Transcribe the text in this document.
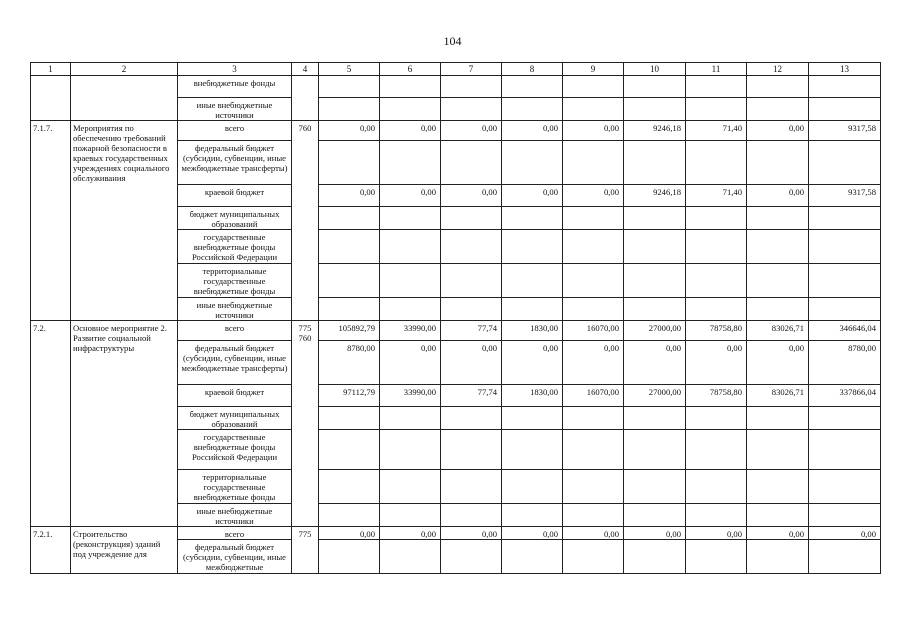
104
1	2	3	4	5	6	7	8	9	10	11	12	13
		внебюджетные фонды										
		иные внебюджетные источники										
7.1.7.	Мероприятия по обеспечению требований пожарной безопасности в краевых государственных учреждениях социального обслуживания	всего	760	0,00	0,00	0,00	0,00	0,00	9246,18	71,40	0,00	9317,58
		федеральный бюджет (субсидии, субвенции, иные межбюджетные трансферты)										
		краевой бюджет		0,00	0,00	0,00	0,00	0,00	9246,18	71,40	0,00	9317,58
		бюджет муниципальных образований										
		государственные внебюджетные фонды Российской Федерации										
		территориальные государственные внебюджетные фонды										
		иные внебюджетные источники										
7.2.	Основное мероприятие 2. Развитие социальной инфраструктуры	всего	775 760	105892,79	33990,00	77,74	1830,00	16070,00	27000,00	78758,80	83026,71	346646,04
		федеральный бюджет (субсидии, субвенции, иные межбюджетные трансферты)		8780,00	0,00	0,00	0,00	0,00	0,00	0,00	0,00	8780,00
		краевой бюджет		97112,79	33990,00	77,74	1830,00	16070,00	27000,00	78758,80	83026,71	337866,04
		бюджет муниципальных образований										
		государственные внебюджетные фонды Российской Федерации										
		территориальные государственные внебюджетные фонды										
		иные внебюджетные источники										
7.2.1.	Строительство (реконструкция) зданий под учреждение для	всего	775	0,00	0,00	0,00	0,00	0,00	0,00	0,00	0,00	0,00
		федеральный бюджет (субсидии, субвенции, иные межбюджетные										
